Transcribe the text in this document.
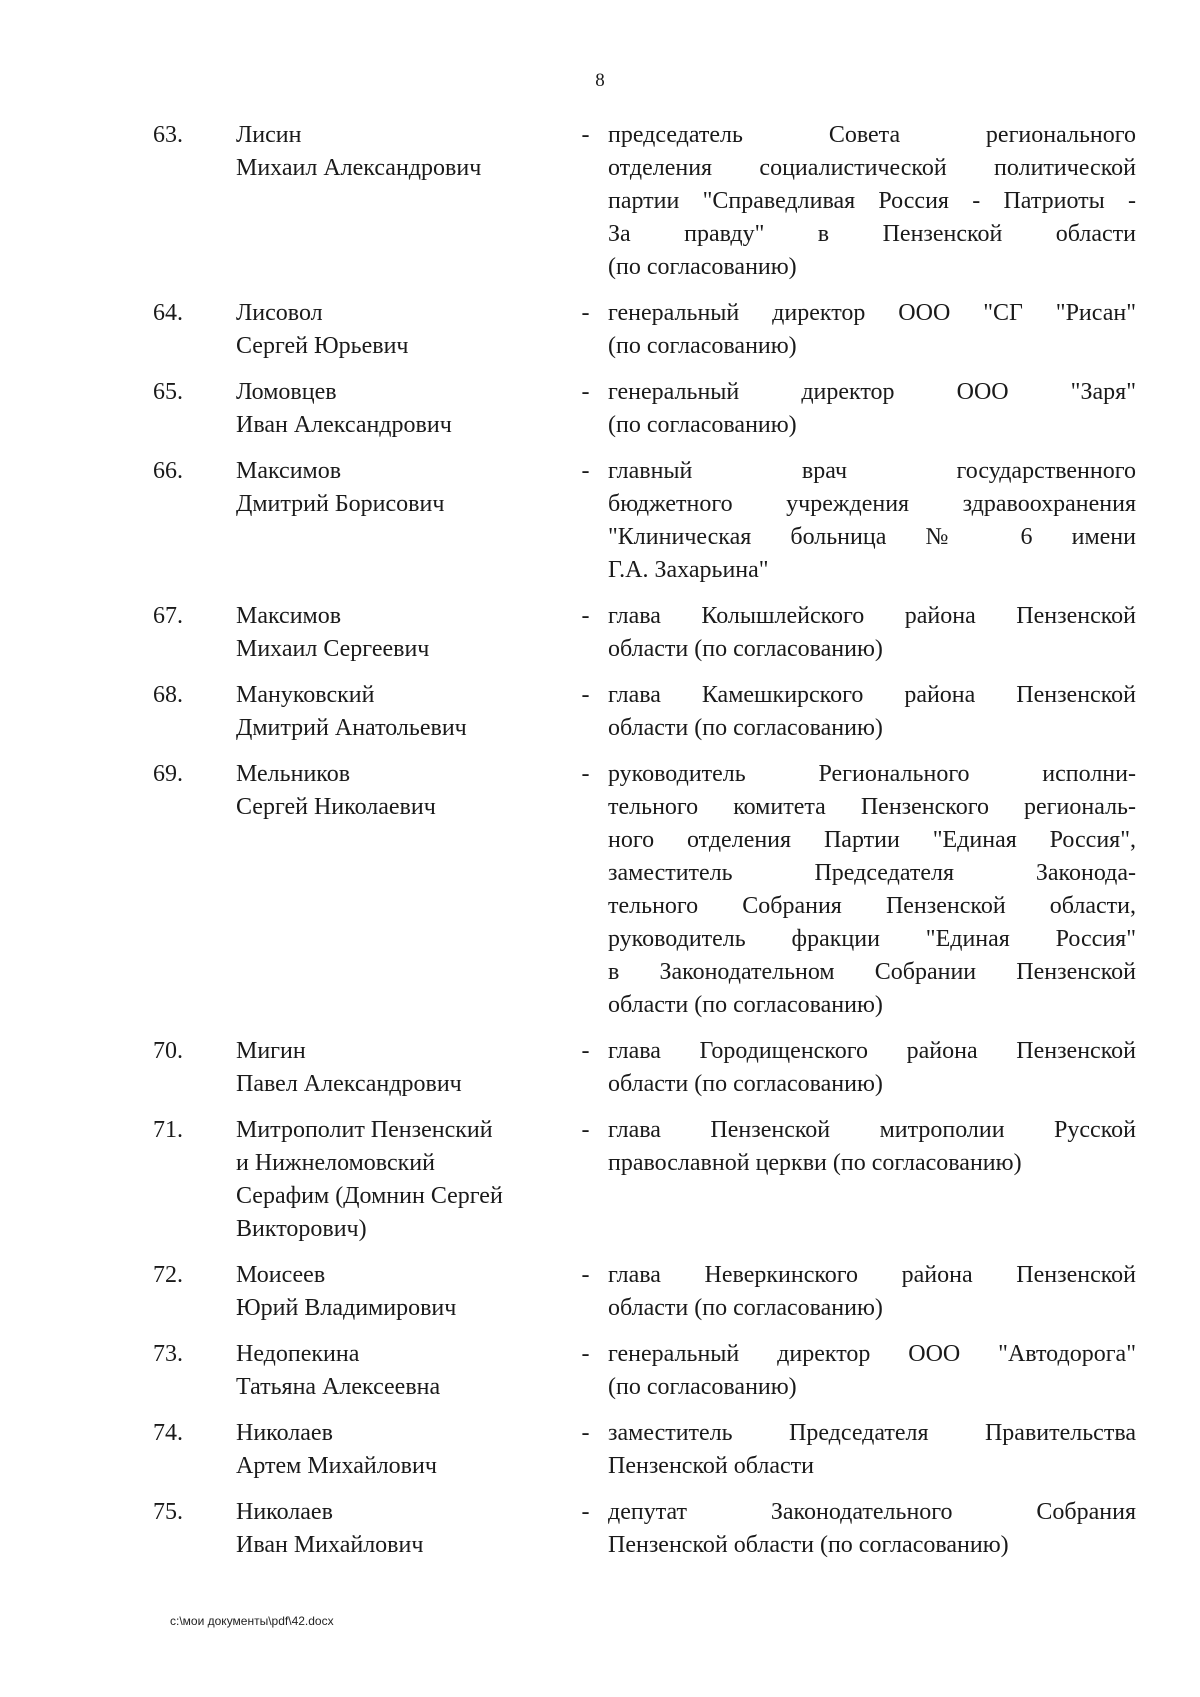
8
63.	Лисин
Михаил Александрович
- председатель Совета регионального
отделения социалистической политической
партии "Справедливая Россия - Патриоты -
За правду" в Пензенской области
(по согласованию)
64.	Лисовол
Сергей Юрьевич
- генеральный директор ООО "СГ "Рисан"
(по согласованию)
65.	Ломовцев
Иван Александрович
- генеральный директор ООО "Заря"
(по согласованию)
66.	Максимов
Дмитрий Борисович
- главный врач государственного
бюджетного учреждения здравоохранения
"Клиническая больница № 6 имени
Г.А. Захарьина"
67.	Максимов
Михаил Сергеевич
- глава Колышлейского района Пензенской
области (по согласованию)
68.	Мануковский
Дмитрий Анатольевич
- глава Камешкирского района Пензенской
области (по согласованию)
69.	Мельников
Сергей Николаевич
- руководитель Регионального исполни-
тельного комитета Пензенского региональ-
ного отделения Партии "Единая Россия",
заместитель Председателя Законода-
тельного Собрания Пензенской области,
руководитель фракции "Единая Россия"
в Законодательном Собрании Пензенской
области (по согласованию)
70.	Мигин
Павел Александрович
- глава Городищенского района Пензенской
области (по согласованию)
71.	Митрополит Пензенский
и Нижнеломовский
Серафим (Домнин Сергей
Викторович)
- глава Пензенской митрополии Русской
православной церкви (по согласованию)
72.	Моисеев
Юрий Владимирович
- глава Неверкинского района Пензенской
области (по согласованию)
73.	Недопекина
Татьяна Алексеевна
- генеральный директор ООО "Автодорога"
(по согласованию)
74.	Николаев
Артем Михайлович
- заместитель Председателя Правительства
Пензенской области
75.	Николаев
Иван Михайлович
- депутат Законодательного Собрания
Пензенской области (по согласованию)
c:\мои документы\pdf\42.docx
